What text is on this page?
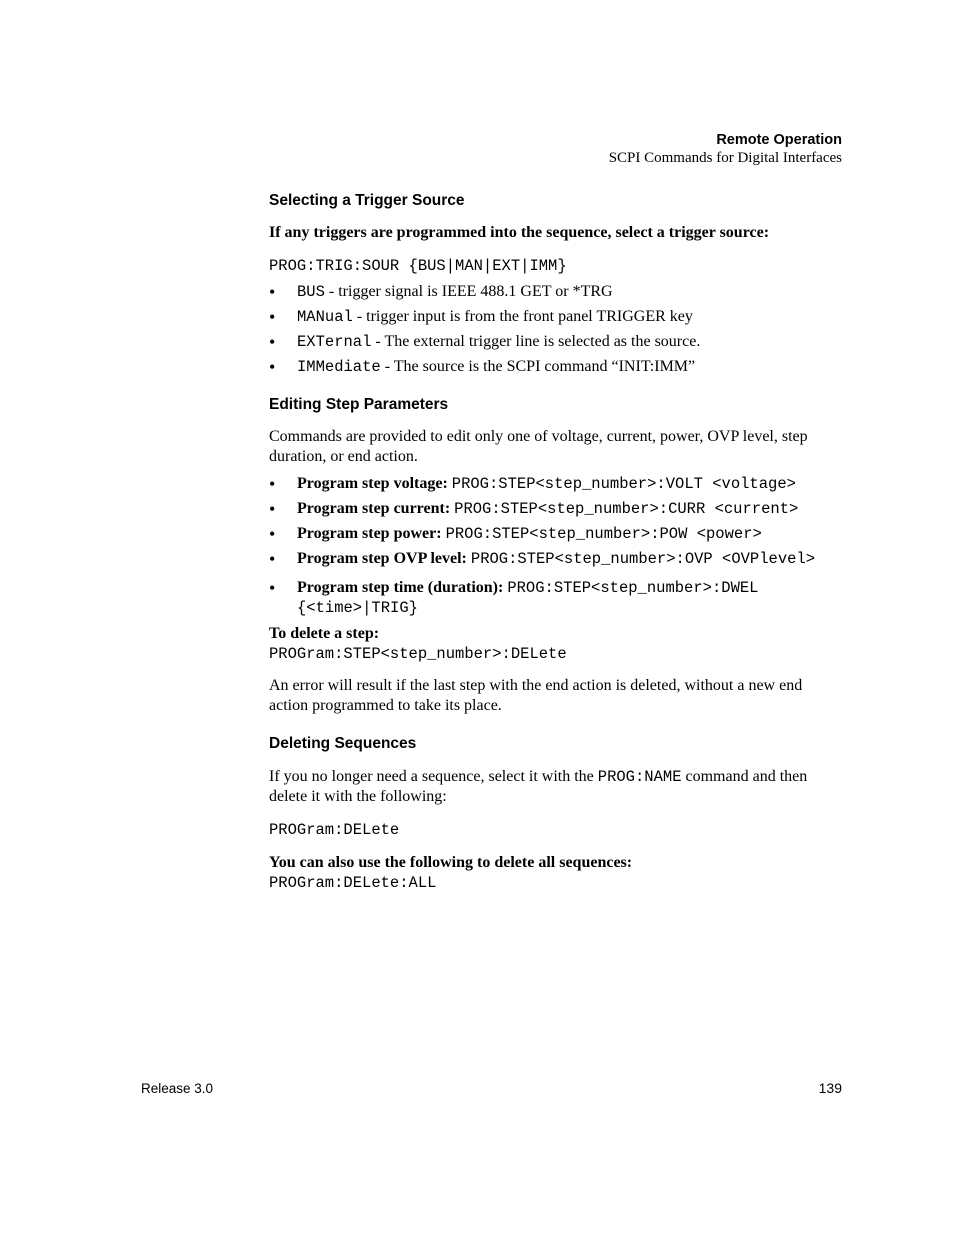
Remote Operation
SCPI Commands for Digital Interfaces
Selecting a Trigger Source

If any triggers are programmed into the sequence, select a trigger source:

PROG:TRIG:SOUR {BUS|MAN|EXT|IMM}

• BUS - trigger signal is IEEE 488.1 GET or *TRG
• MANual - trigger input is from the front panel TRIGGER key
• EXTernal - The external trigger line is selected as the source.
• IMMediate - The source is the SCPI command “INIT:IMM”
Editing Step Parameters

Commands are provided to edit only one of voltage, current, power, OVP level, step duration, or end action.

• Program step voltage: PROG:STEP<step_number>:VOLT <voltage>
• Program step current: PROG:STEP<step_number>:CURR <current>
• Program step power: PROG:STEP<step_number>:POW <power>
• Program step OVP level: PROG:STEP<step_number>:OVP <OVPlevel>
• Program step time (duration): PROG:STEP<step_number>:DWEL {<time>|TRIG}

To delete a step:

PROGram:STEP<step_number>:DELete

An error will result if the last step with the end action is deleted, without a new end action programmed to take its place.

Deleting Sequences

If you no longer need a sequence, select it with the PROG:NAME command and then delete it with the following:

PROGram:DELete

You can also use the following to delete all sequences:

PROGram:DELete:ALL

Release 3.0	139
